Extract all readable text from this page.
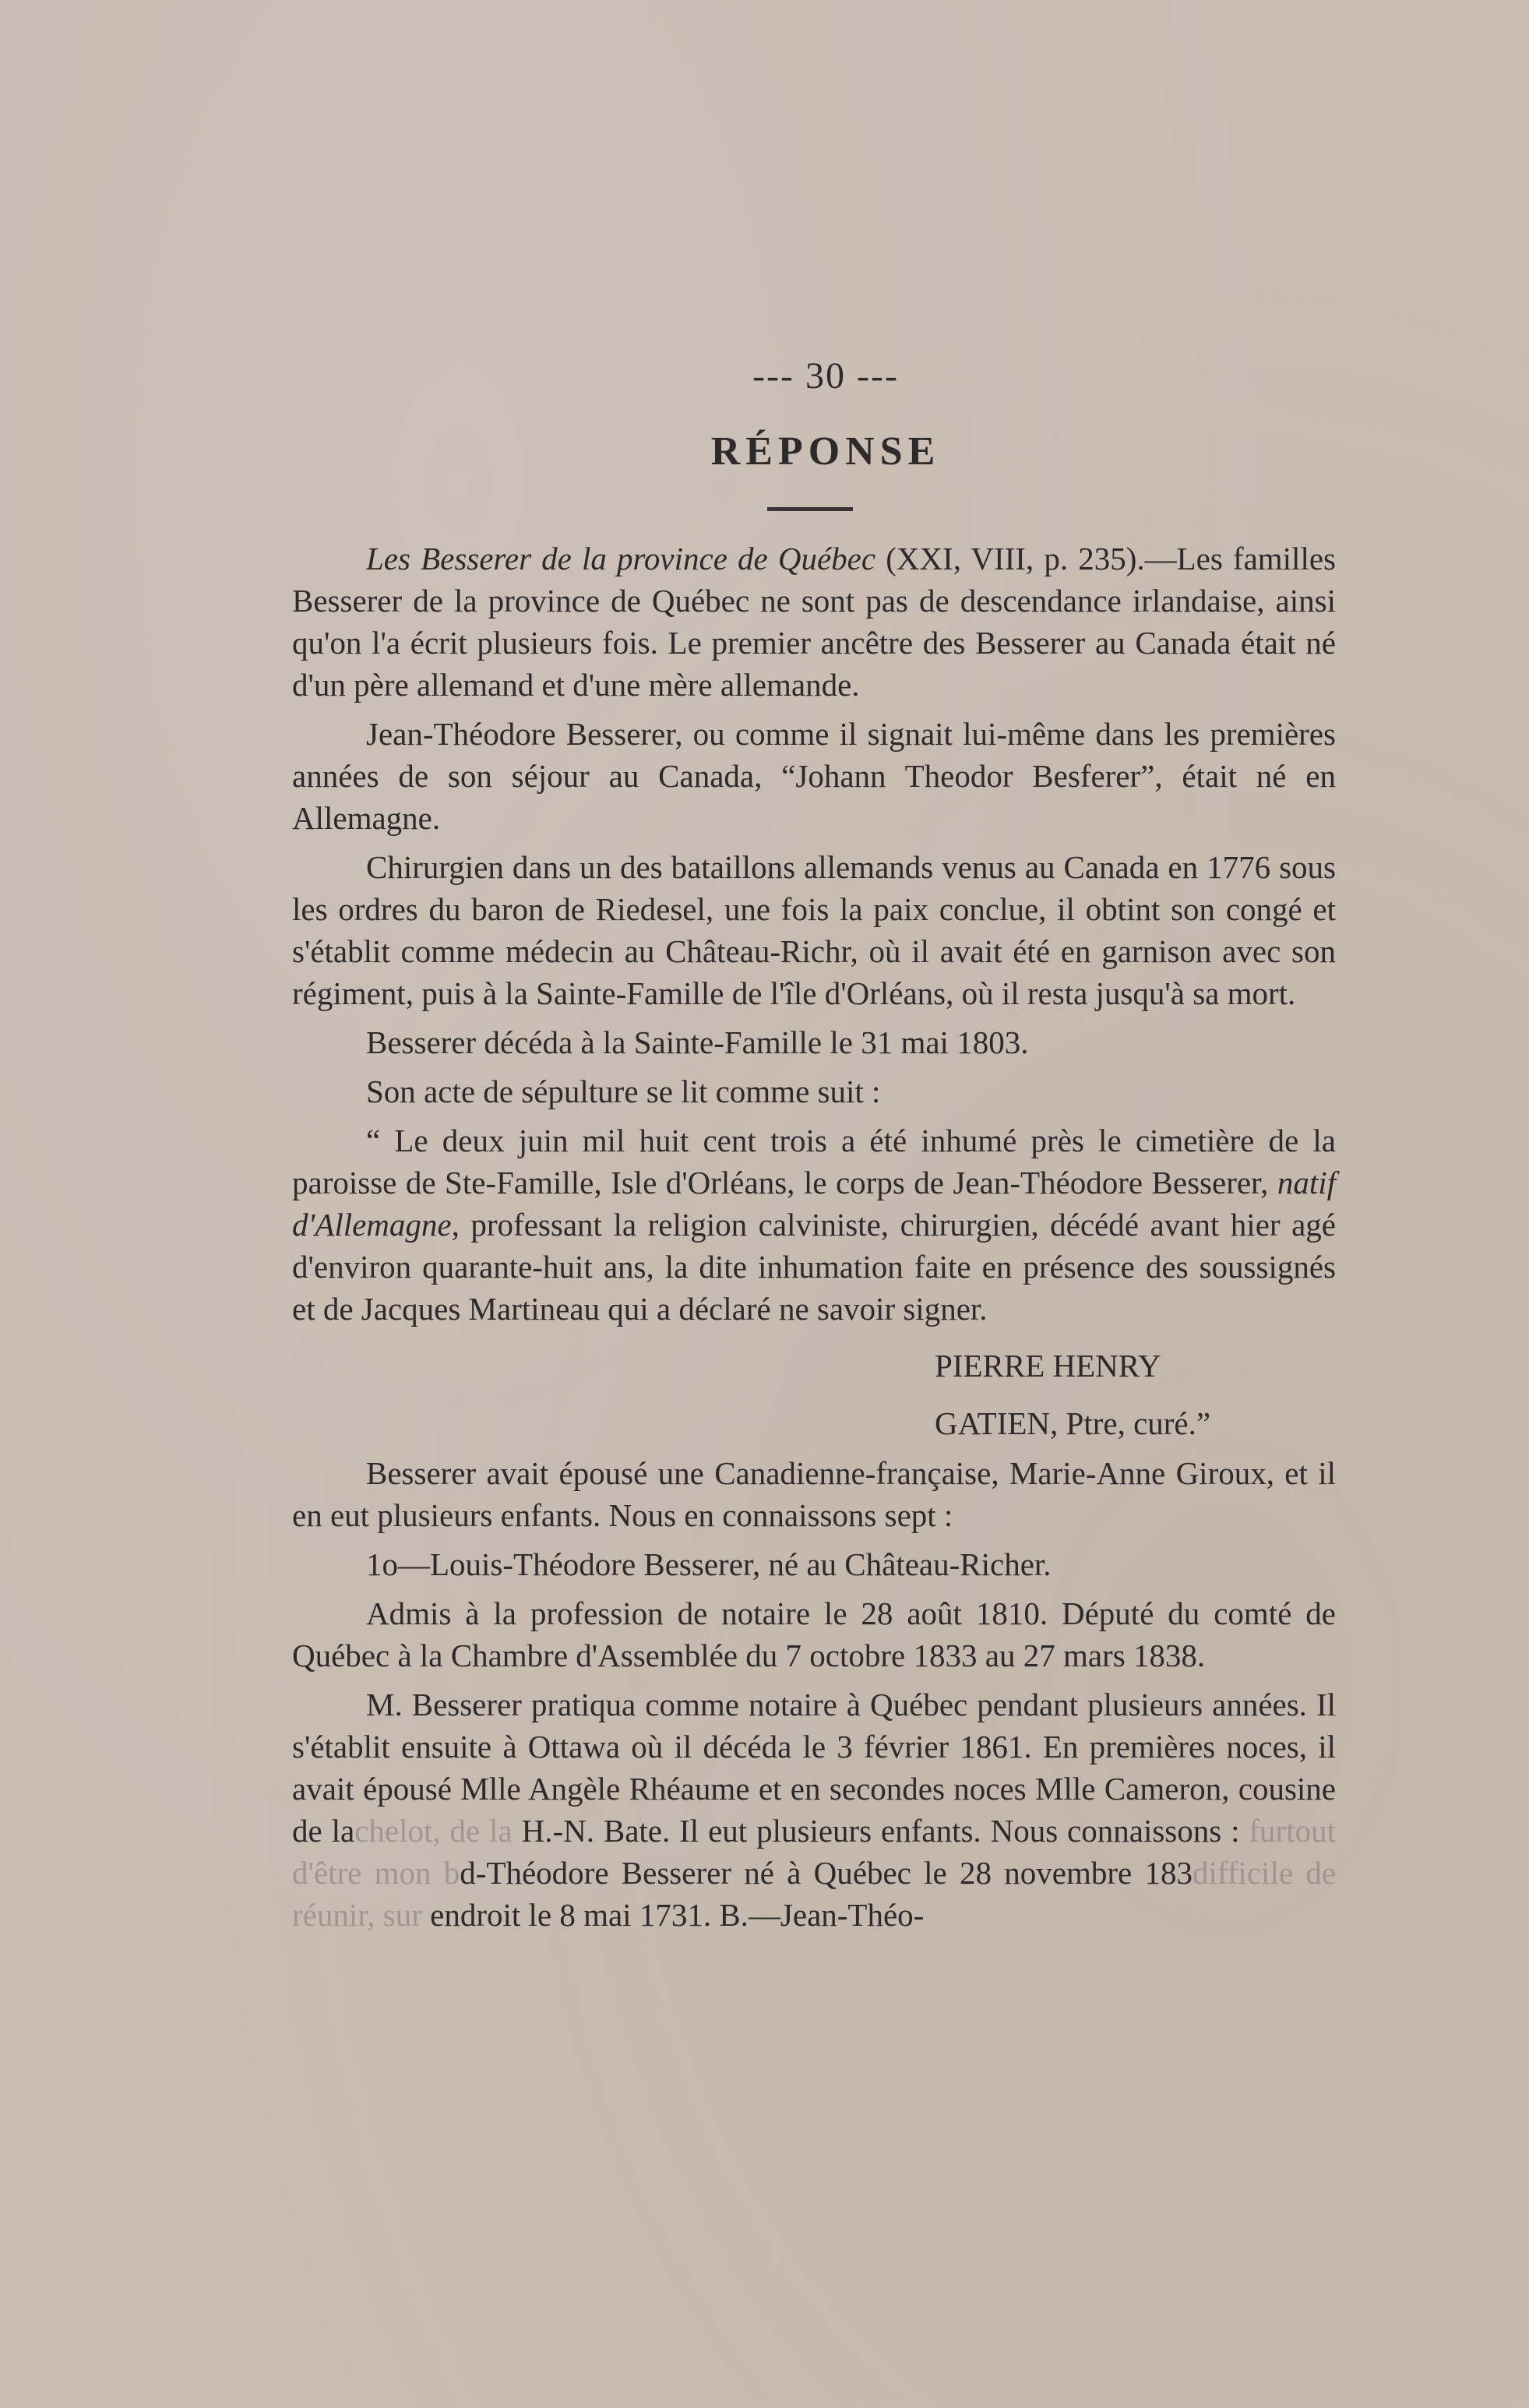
--- 30 ---
RÉPONSE

Les Besserer de la province de Québec (XXI, VIII, p. 235).—Les familles Besserer de la province de Québec ne sont pas de descendance irlandaise, ainsi qu'on l'a écrit plusieurs fois. Le premier ancêtre des Besserer au Canada était né d'un père allemand et d'une mère allemande.

Jean-Théodore Besserer, ou comme il signait lui-même dans les premières années de son séjour au Canada, “Johann Theodor Besferer”, était né en Allemagne.

Chirurgien dans un des bataillons allemands venus au Canada en 1776 sous les ordres du baron de Riedesel, une fois la paix conclue, il obtint son congé et s'établit comme médecin au Château-Richr, où il avait été en garnison avec son régiment, puis à la Sainte-Famille de l'île d'Orléans, où il resta jusqu'à sa mort.

Besserer décéda à la Sainte-Famille le 31 mai 1803.

Son acte de sépulture se lit comme suit :

“ Le deux juin mil huit cent trois a été inhumé près le cimetière de la paroisse de Ste-Famille, Isle d'Orléans, le corps de Jean-Théodore Besserer, natif d'Allemagne, professant la religion calviniste, chirurgien, décédé avant hier agé d'environ quarante-huit ans, la dite inhumation faite en présence des soussignés et de Jacques Martineau qui a déclaré ne savoir signer.

PIERRE HENRY
GATIEN, Ptre, curé.”

Besserer avait épousé une Canadienne-française, Marie-Anne Giroux, et il en eut plusieurs enfants. Nous en connaissons sept :

1o—Louis-Théodore Besserer, né au Château-Richer.

Admis à la profession de notaire le 28 août 1810. Député du comté de Québec à la Chambre d'Assemblée du 7 octobre 1833 au 27 mars 1838.

M. Besserer pratiqua comme notaire à Québec pendant plusieurs années. Il s'établit ensuite à Ottawa où il décéda le 3 février 1861. En premières noces, il avait épousé Mlle Angèle Rhéaume et en secondes noces Mlle Cameron, cousine de lachelot, de la H.-N. Bate. Il eut plusieurs enfants. Nous connaissons : furtout d'être mon bd-Théodore Besserer né à Québec le 28 novembre 183difficile de réunir, sur endroit le 8 mai 1731. B.—Jean-Théo-
